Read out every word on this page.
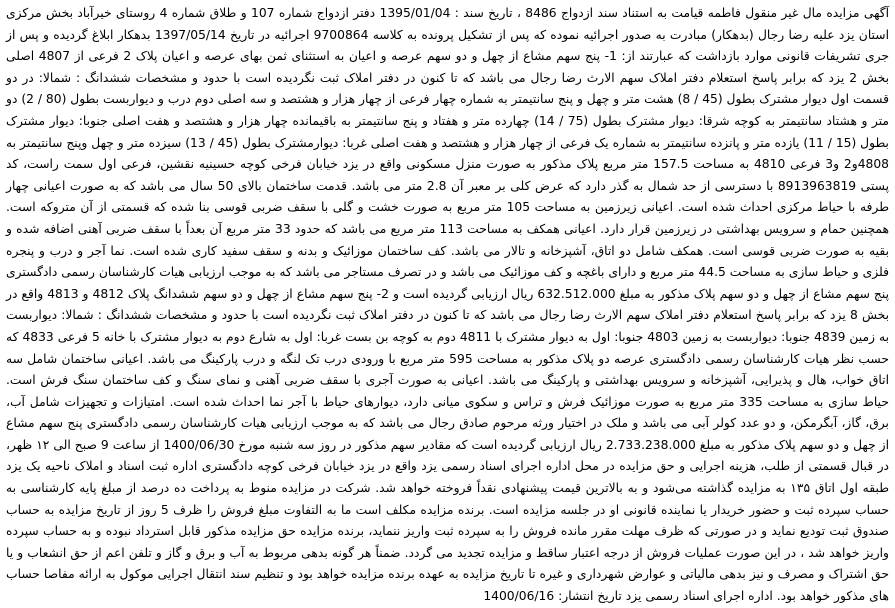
آگهی مزایده مال غیر منقول فاطمه قیامت به استناد سند ازدواج 8486 ، تاریخ سند : 1395/01/04 دفتر ازدواج شماره 107 و طلاق شماره 4 روستای خیرآباد بخش مرکزی استان یزد علیه رضا رجال (بدهکار) مبادرت به صدور اجرائیه نموده که پس از تشکیل پرونده به کلاسه 9700864 اجرائیه در تاریخ 1397/05/14 بدهکار ابلاغ گردیده و پس از جری تشریفات قانونی موارد بازداشت که عبارتند از: 1- پنج سهم مشاع از چهل و دو سهم عرصه و اعیان به استثنای ثمن بهای عرصه و اعیان پلاک 2 فرعی از 4807 اصلی بخش 2 یزد که برابر پاسخ استعلام دفتر املاک سهم الارث رضا رجال می باشد که تا کنون در دفتر املاک ثبت نگردیده است با حدود و مشخصات ششدانگ : شمالا: در دو قسمت اول دیوار مشترک بطول (45 / 8) هشت متر و چهل و پنج سانتیمتر به شماره چهار فرعی از چهار هزار و هشتصد و سه اصلی دوم درب و دیواربست بطول (80 / 2) دو متر و هشتاد سانتیمتر به کوچه شرقا: دیوار مشترک بطول (75 / 14) چهارده متر و هفتاد و پنج سانتیمتر به باقیمانده چهار هزار و هشتصد و هفت اصلی جنوبا: دیوار مشترک بطول (15 / 11) یازده متر و پانزده سانتیمتر به شماره یک فرعی از چهار هزار و هشتصد و هفت اصلی غربا: دیوارمشترک بطول (45 / 13) سیزده متر و چهل وپنج سانتیمتر به 4808و2 و3 فرعی 4810 به مساحت 157.5 متر مربع پلاک مذکور به صورت منزل مسکونی واقع در یزد خیابان فرخی کوچه حسینیه نقشین، فرعی اول سمت راست، کد پستی 8913963819 با دسترسی از حد شمال به گذر دارد که عرض کلی بر معبر آن 2.8 متر می باشد. قدمت ساختمان بالای 50 سال می باشد که به صورت اعیانی چهار طرفه با حیاط مرکزی احداث شده است. اعیانی زیرزمین به مساحت 105 متر مربع به صورت خشت و گلی با سقف ضربی قوسی بنا شده که قسمتی از آن متروکه است. همچنین حمام و سرویس بهداشتی در زیرزمین قرار دارد. اعیانی همکف به مساحت 113 متر مربع می باشد که حدود 33 متر مربع آن بعداً با سقف ضربی آهنی اضافه شده و بقیه به صورت ضربی قوسی است. همکف شامل دو اتاق، آشپزخانه و تالار می باشد. کف ساختمان موزائیک و بدنه و سقف سفید کاری شده است. نما آجر و درب و پنجره فلزی و حیاط سازی به مساحت 44.5 متر مربع و دارای باغچه و کف موزائیک می باشد و در تصرف مستاجر می باشد که به موجب ارزیابی هیات کارشناسان رسمی دادگستری پنج سهم مشاع از چهل و دو سهم پلاک مذکور به مبلغ 632.512.000 ریال ارزیابی گردیده است و 2- پنج سهم مشاع از چهل و دو سهم ششدانگ پلاک 4812 و 4813 واقع در بخش 8 یزد که برابر پاسخ استعلام دفتر املاک سهم الارث رضا رجال می باشد که تا کنون در دفتر املاک ثبت نگردیده است با حدود و مشخصات ششدانگ : شمالا: دیواربست به زمین 4839 جنوبا: دیواربست به زمین 4803 جنوبا: اول به دیوار مشترک با 4811 دوم به کوچه بن بست غربا: اول به شارع دوم به دیوار مشترک با خانه 5 فرعی 4833 که حسب نظر هیات کارشناسان رسمی دادگستری عرصه دو پلاک مذکور به مساحت 595 متر مربع با ورودی درب تک لنگه و درب پارکینگ می باشد. اعیانی ساختمان شامل سه اتاق خواب، هال و پذیرایی، آشپزخانه و سرویس بهداشتی و پارکینگ می باشد. اعیانی به صورت آجری با سقف ضربی آهنی و نمای سنگ و کف ساختمان سنگ فرش است. حیاط سازی به مساحت 335 متر مربع به صورت موزائیک فرش و تراس و سکوی میانی دارد، دیوارهای حیاط با آجر نما احداث شده است. امتیازات و تجهیزات شامل آب، برق، گاز، آبگرمکن، و دو عدد کولر آبی می باشد و ملک در اختیار ورثه مرحوم صادق رجال می باشد که به موجب ارزیابی هیات کارشناسان رسمی دادگستری پنج سهم مشاع از چهل و دو سهم پلاک مذکور به مبلغ 2.733.238.000 ریال ارزیابی گردیده است که مقادیر سهم مذکور در روز سه شنبه مورخ 1400/06/30 از ساعت 9 صبح الی ۱۲ ظهر، در قبال قسمتی از طلب، هزینه اجرایی و حق مزایده در محل اداره اجرای اسناد رسمی یزد واقع در یزد خیابان فرخی کوچه دادگستری اداره ثبت اسناد و املاک ناحیه یک یزد طبقه اول اتاق ۱۳۵ به مزایده گذاشته می‌شود و به بالاترین قیمت پیشنهادی نقداً فروخته خواهد شد. شرکت در مزایده منوط به پرداخت ده درصد از مبلغ پایه کارشناسی به حساب سپرده ثبت و حضور خریدار یا نماینده قانونی او در جلسه مزایده است. برنده مزایده مکلف است ما به التفاوت مبلغ فروش را ظرف 5 روز از تاریخ مزایده به حساب صندوق ثبت تودیع نماید و در صورتی که ظرف مهلت مقرر مانده فروش را به سپرده ثبت واریز ننماید، برنده مزایده حق مزایده مذکور قابل استرداد نبوده و به حساب سپرده واریز خواهد شد ، در این صورت عملیات فروش از درجه اعتبار ساقط و مزایده تجدید می گردد. ضمناً هر گونه بدهی مربوط به آب و برق و گاز و تلفن اعم از حق انشعاب و یا حق اشتراک و مصرف و نیز بدهی مالیاتی و عوارض شهرداری و غیره تا تاریخ مزایده به عهده برنده مزایده خواهد بود و تنظیم سند انتقال اجرایی موکول به ارائه مفاصا حساب های مذکور خواهد بود. اداره اجرای اسناد رسمی یزد تاریخ انتشار: 1400/06/16
